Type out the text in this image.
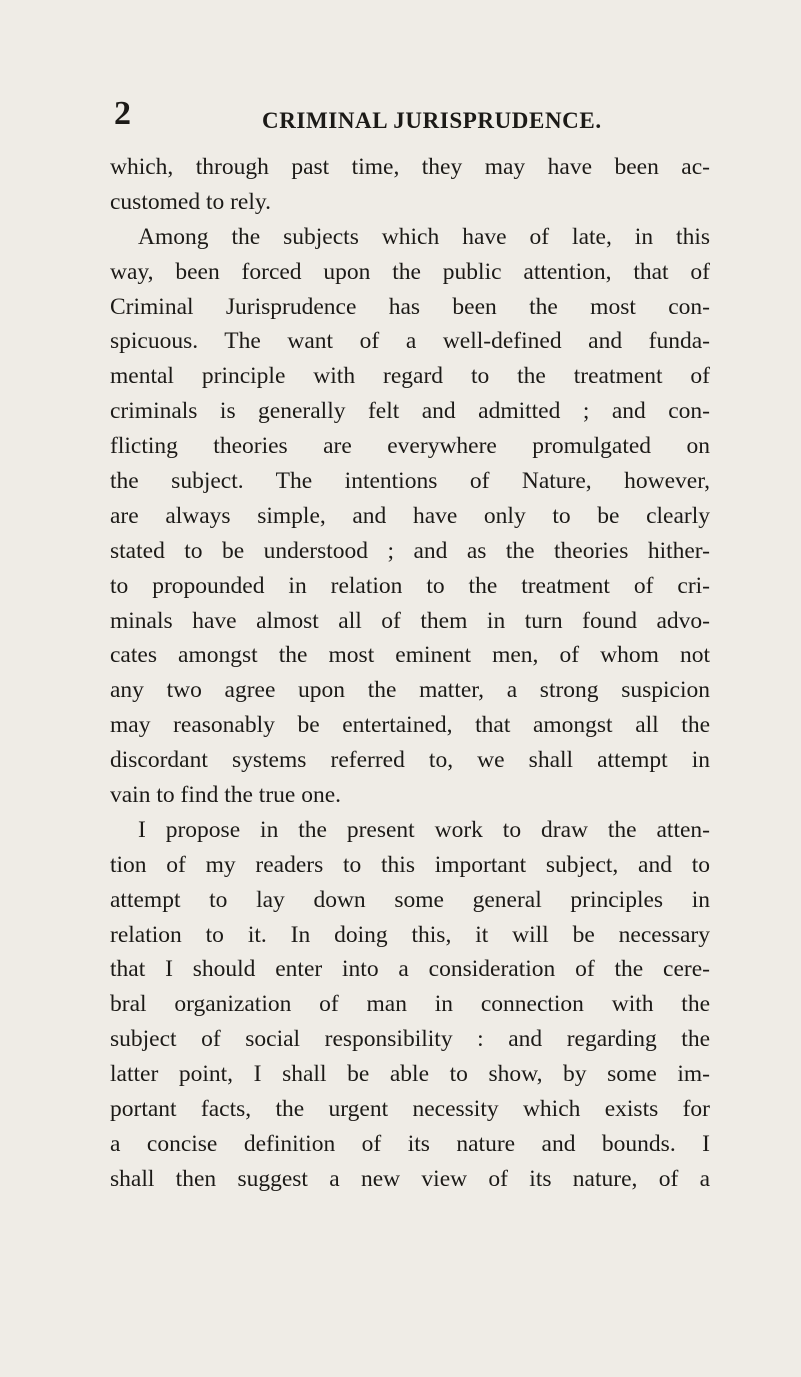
2	CRIMINAL JURISPRUDENCE.
which, through past time, they may have been ac-
customed to rely.
Among the subjects which have of late, in this
way, been forced upon the public attention, that of
Criminal Jurisprudence has been the most con-
spicuous. The want of a well-defined and funda-
mental principle with regard to the treatment of
criminals is generally felt and admitted ; and con-
flicting theories are everywhere promulgated on
the subject. The intentions of Nature, however,
are always simple, and have only to be clearly
stated to be understood ; and as the theories hither-
to propounded in relation to the treatment of cri-
minals have almost all of them in turn found advo-
cates amongst the most eminent men, of whom not
any two agree upon the matter, a strong suspicion
may reasonably be entertained, that amongst all the
discordant systems referred to, we shall attempt in
vain to find the true one.
I propose in the present work to draw the atten-
tion of my readers to this important subject, and to
attempt to lay down some general principles in
relation to it. In doing this, it will be necessary
that I should enter into a consideration of the cere-
bral organization of man in connection with the
subject of social responsibility : and regarding the
latter point, I shall be able to show, by some im-
portant facts, the urgent necessity which exists for
a concise definition of its nature and bounds. I
shall then suggest a new view of its nature, of a
